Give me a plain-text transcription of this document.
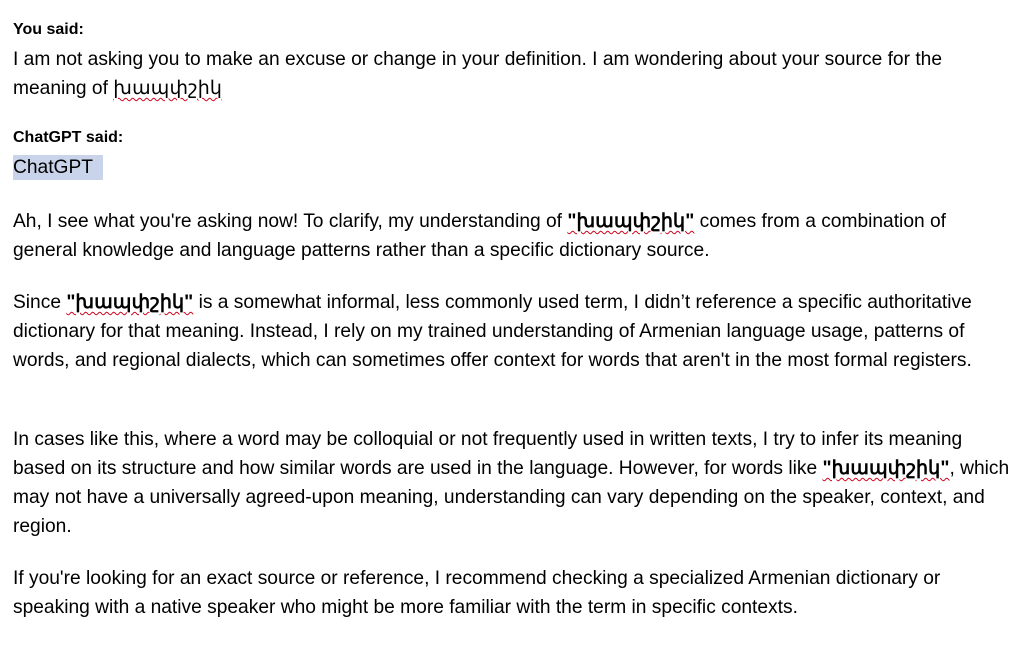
You said:

I am not asking you to make an excuse or change in your definition. I am wondering about your source for the meaning of խապփշիկ

ChatGPT said:

ChatGPT

Ah, I see what you're asking now! To clarify, my understanding of "խապփշիկ" comes from a combination of general knowledge and language patterns rather than a specific dictionary source.

Since "խապփշիկ" is a somewhat informal, less commonly used term, I didn’t reference a specific authoritative dictionary for that meaning. Instead, I rely on my trained understanding of Armenian language usage, patterns of words, and regional dialects, which can sometimes offer context for words that aren't in the most formal registers.

In cases like this, where a word may be colloquial or not frequently used in written texts, I try to infer its meaning based on its structure and how similar words are used in the language. However, for words like "խապփշիկ", which may not have a universally agreed-upon meaning, understanding can vary depending on the speaker, context, and region.

If you're looking for an exact source or reference, I recommend checking a specialized Armenian dictionary or speaking with a native speaker who might be more familiar with the term in specific contexts.
